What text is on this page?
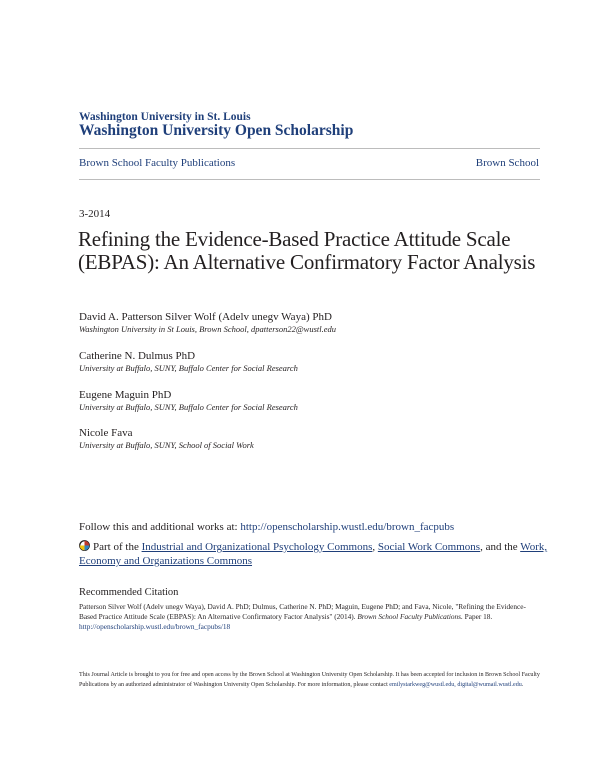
Washington University in St. Louis
Washington University Open Scholarship
Brown School Faculty Publications	Brown School
3-2014
Refining the Evidence-Based Practice Attitude Scale (EBPAS): An Alternative Confirmatory Factor Analysis
David A. Patterson Silver Wolf (Adelv unegv Waya) PhD
Washington University in St Louis, Brown School, dpatterson22@wustl.edu
Catherine N. Dulmus PhD
University at Buffalo, SUNY, Buffalo Center for Social Research
Eugene Maguin PhD
University at Buffalo, SUNY, Buffalo Center for Social Research
Nicole Fava
University at Buffalo, SUNY, School of Social Work
Follow this and additional works at: http://openscholarship.wustl.edu/brown_facpubs
Part of the Industrial and Organizational Psychology Commons, Social Work Commons, and the Work, Economy and Organizations Commons
Recommended Citation
Patterson Silver Wolf (Adelv unegv Waya), David A. PhD; Dulmus, Catherine N. PhD; Maguin, Eugene PhD; and Fava, Nicole, "Refining the Evidence-Based Practice Attitude Scale (EBPAS): An Alternative Confirmatory Factor Analysis" (2014). Brown School Faculty Publications. Paper 18.
http://openscholarship.wustl.edu/brown_facpubs/18
This Journal Article is brought to you for free and open access by the Brown School at Washington University Open Scholarship. It has been accepted for inclusion in Brown School Faculty Publications by an authorized administrator of Washington University Open Scholarship. For more information, please contact emilystarkweg@wustl.edu, digital@wumail.wustl.edu.
